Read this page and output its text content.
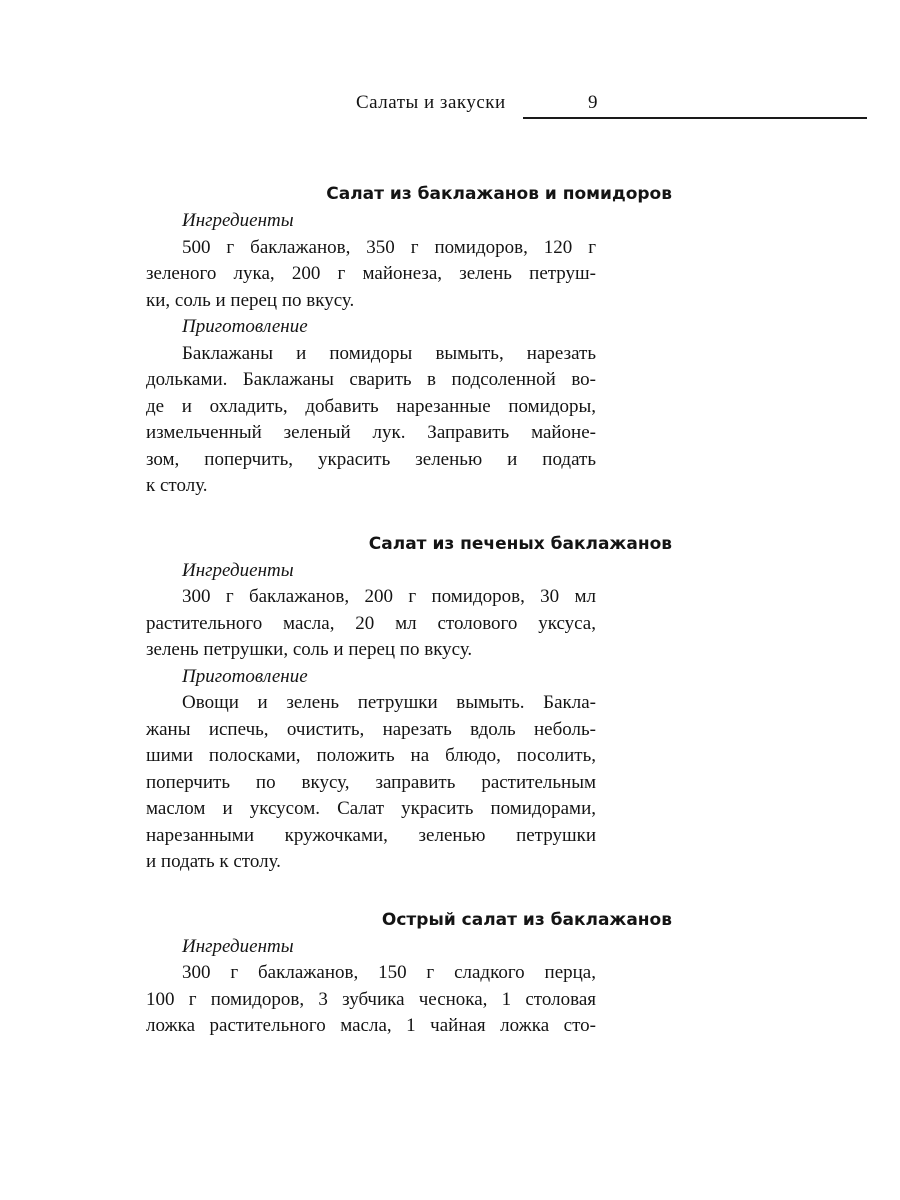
Салаты и закуски	9
Салат из баклажанов и помидоров

Ингредиенты

500 г баклажанов, 350 г помидоров, 120 г
зеленого лука, 200 г майонеза, зелень петруш-
ки, соль и перец по вкусу.

Приготовление

Баклажаны и помидоры вымыть, нарезать
дольками. Баклажаны сварить в подсоленной во-
де и охладить, добавить нарезанные помидоры,
измельченный зеленый лук. Заправить майоне-
зом, поперчить, украсить зеленью и подать
к столу.

Салат из печеных баклажанов

Ингредиенты

300 г баклажанов, 200 г помидоров, 30 мл
растительного масла, 20 мл столового уксуса,
зелень петрушки, соль и перец по вкусу.

Приготовление

Овощи и зелень петрушки вымыть. Бакла-
жаны испечь, очистить, нарезать вдоль неболь-
шими полосками, положить на блюдо, посолить,
поперчить по вкусу, заправить растительным
маслом и уксусом. Салат украсить помидорами,
нарезанными кружочками, зеленью петрушки
и подать к столу.

Острый салат из баклажанов

Ингредиенты

300 г баклажанов, 150 г сладкого перца,
100 г помидоров, 3 зубчика чеснока, 1 столовая
ложка растительного масла, 1 чайная ложка сто-
